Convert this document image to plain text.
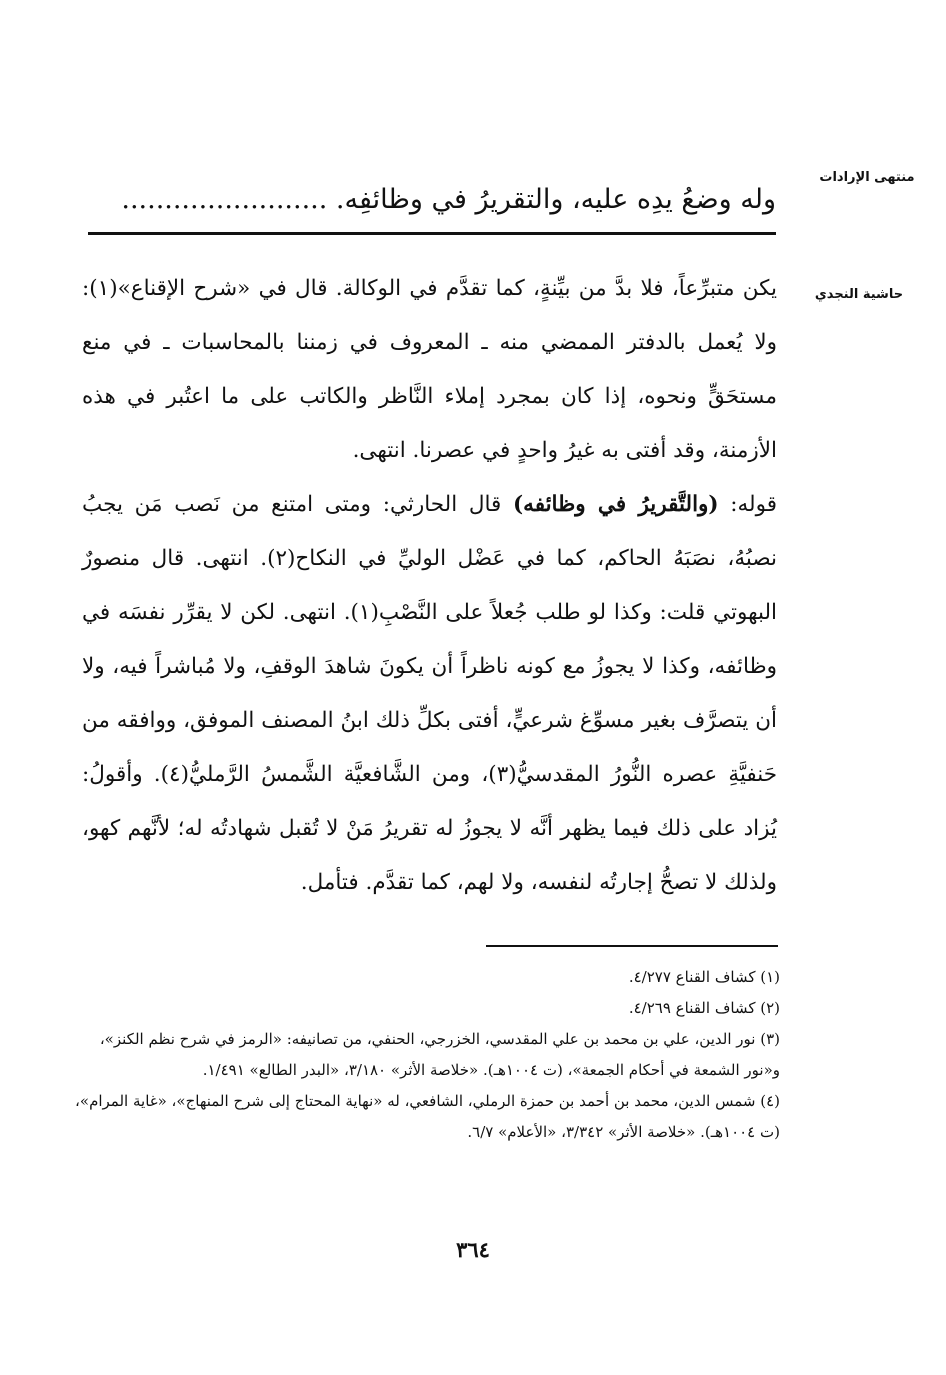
منتهى الإرادات
وله وضعُ يدِه عليه، والتقريرُ في وظائفِه. ........................
حاشية النجدي

يكن متبرِّعاً، فلا بدَّ من بيِّنةٍ، كما تقدَّم في الوكالة. قال في «شرح الإقناع»(١): ولا يُعمل بالدفتر الممضي منه ـ المعروف في زمننا بالمحاسبات ـ في منع مستحَقٍّ ونحوه، إذا كان بمجرد إملاء النَّاظر والكاتب على ما اعتُبر في هذه الأزمنة، وقد أفتى به غيرُ واحدٍ في عصرنا. انتهى.

قوله: (والتَّقريرُ في وظائفه) قال الحارثي: ومتى امتنع من نَصب مَن يجبُ نصبُهُ، نصَبَهُ الحاكم، كما في عَضْل الوليِّ في النكاح(٢). انتهى. قال منصورٌ البهوتي قلت: وكذا لو طلب جُعلاً على النَّصْبِ(١). انتهى. لكن لا يقرِّر نفسَه في وظائفه، وكذا لا يجوزُ مع كونه ناظراً أن يكونَ شاهدَ الوقفِ، ولا مُباشراً فيه، ولا أن يتصرَّف بغير مسوِّغ شرعيٍّ، أفتى بكلِّ ذلك ابنُ المصنف الموفق، ووافقه من حَنفيَّةِ عصره النُّورُ المقدسيُّ(٣)، ومن الشَّافعيَّة الشَّمسُ الرَّمليُّ(٤). وأقولُ: يُزاد على ذلك فيما يظهر أنَّه لا يجوزُ له تقريرُ مَنْ لا تُقبل شهادتُه له؛ لأنَّهم كهو، ولذلك لا تصحُّ إجارتُه لنفسه، ولا لهم، كما تقدَّم. فتأمل.

(١) كشاف القناع ٤/٢٧٧.

(٢) كشاف القناع ٤/٢٦٩.

(٣) نور الدين، علي بن محمد بن علي المقدسي، الخزرجي، الحنفي، من تصانيفه: «الرمز في شرح نظم الكنز»، و«نور الشمعة في أحكام الجمعة»، (ت ١٠٠٤هـ). «خلاصة الأثر» ٣/١٨٠، «البدر الطالع» ١/٤٩١.

(٤) شمس الدين، محمد بن أحمد بن حمزة الرملي، الشافعي، له «نهاية المحتاج إلى شرح المنهاج»، «غاية المرام»، (ت ١٠٠٤هـ). «خلاصة الأثر» ٣/٣٤٢، «الأعلام» ٦/٧.

٣٦٤
